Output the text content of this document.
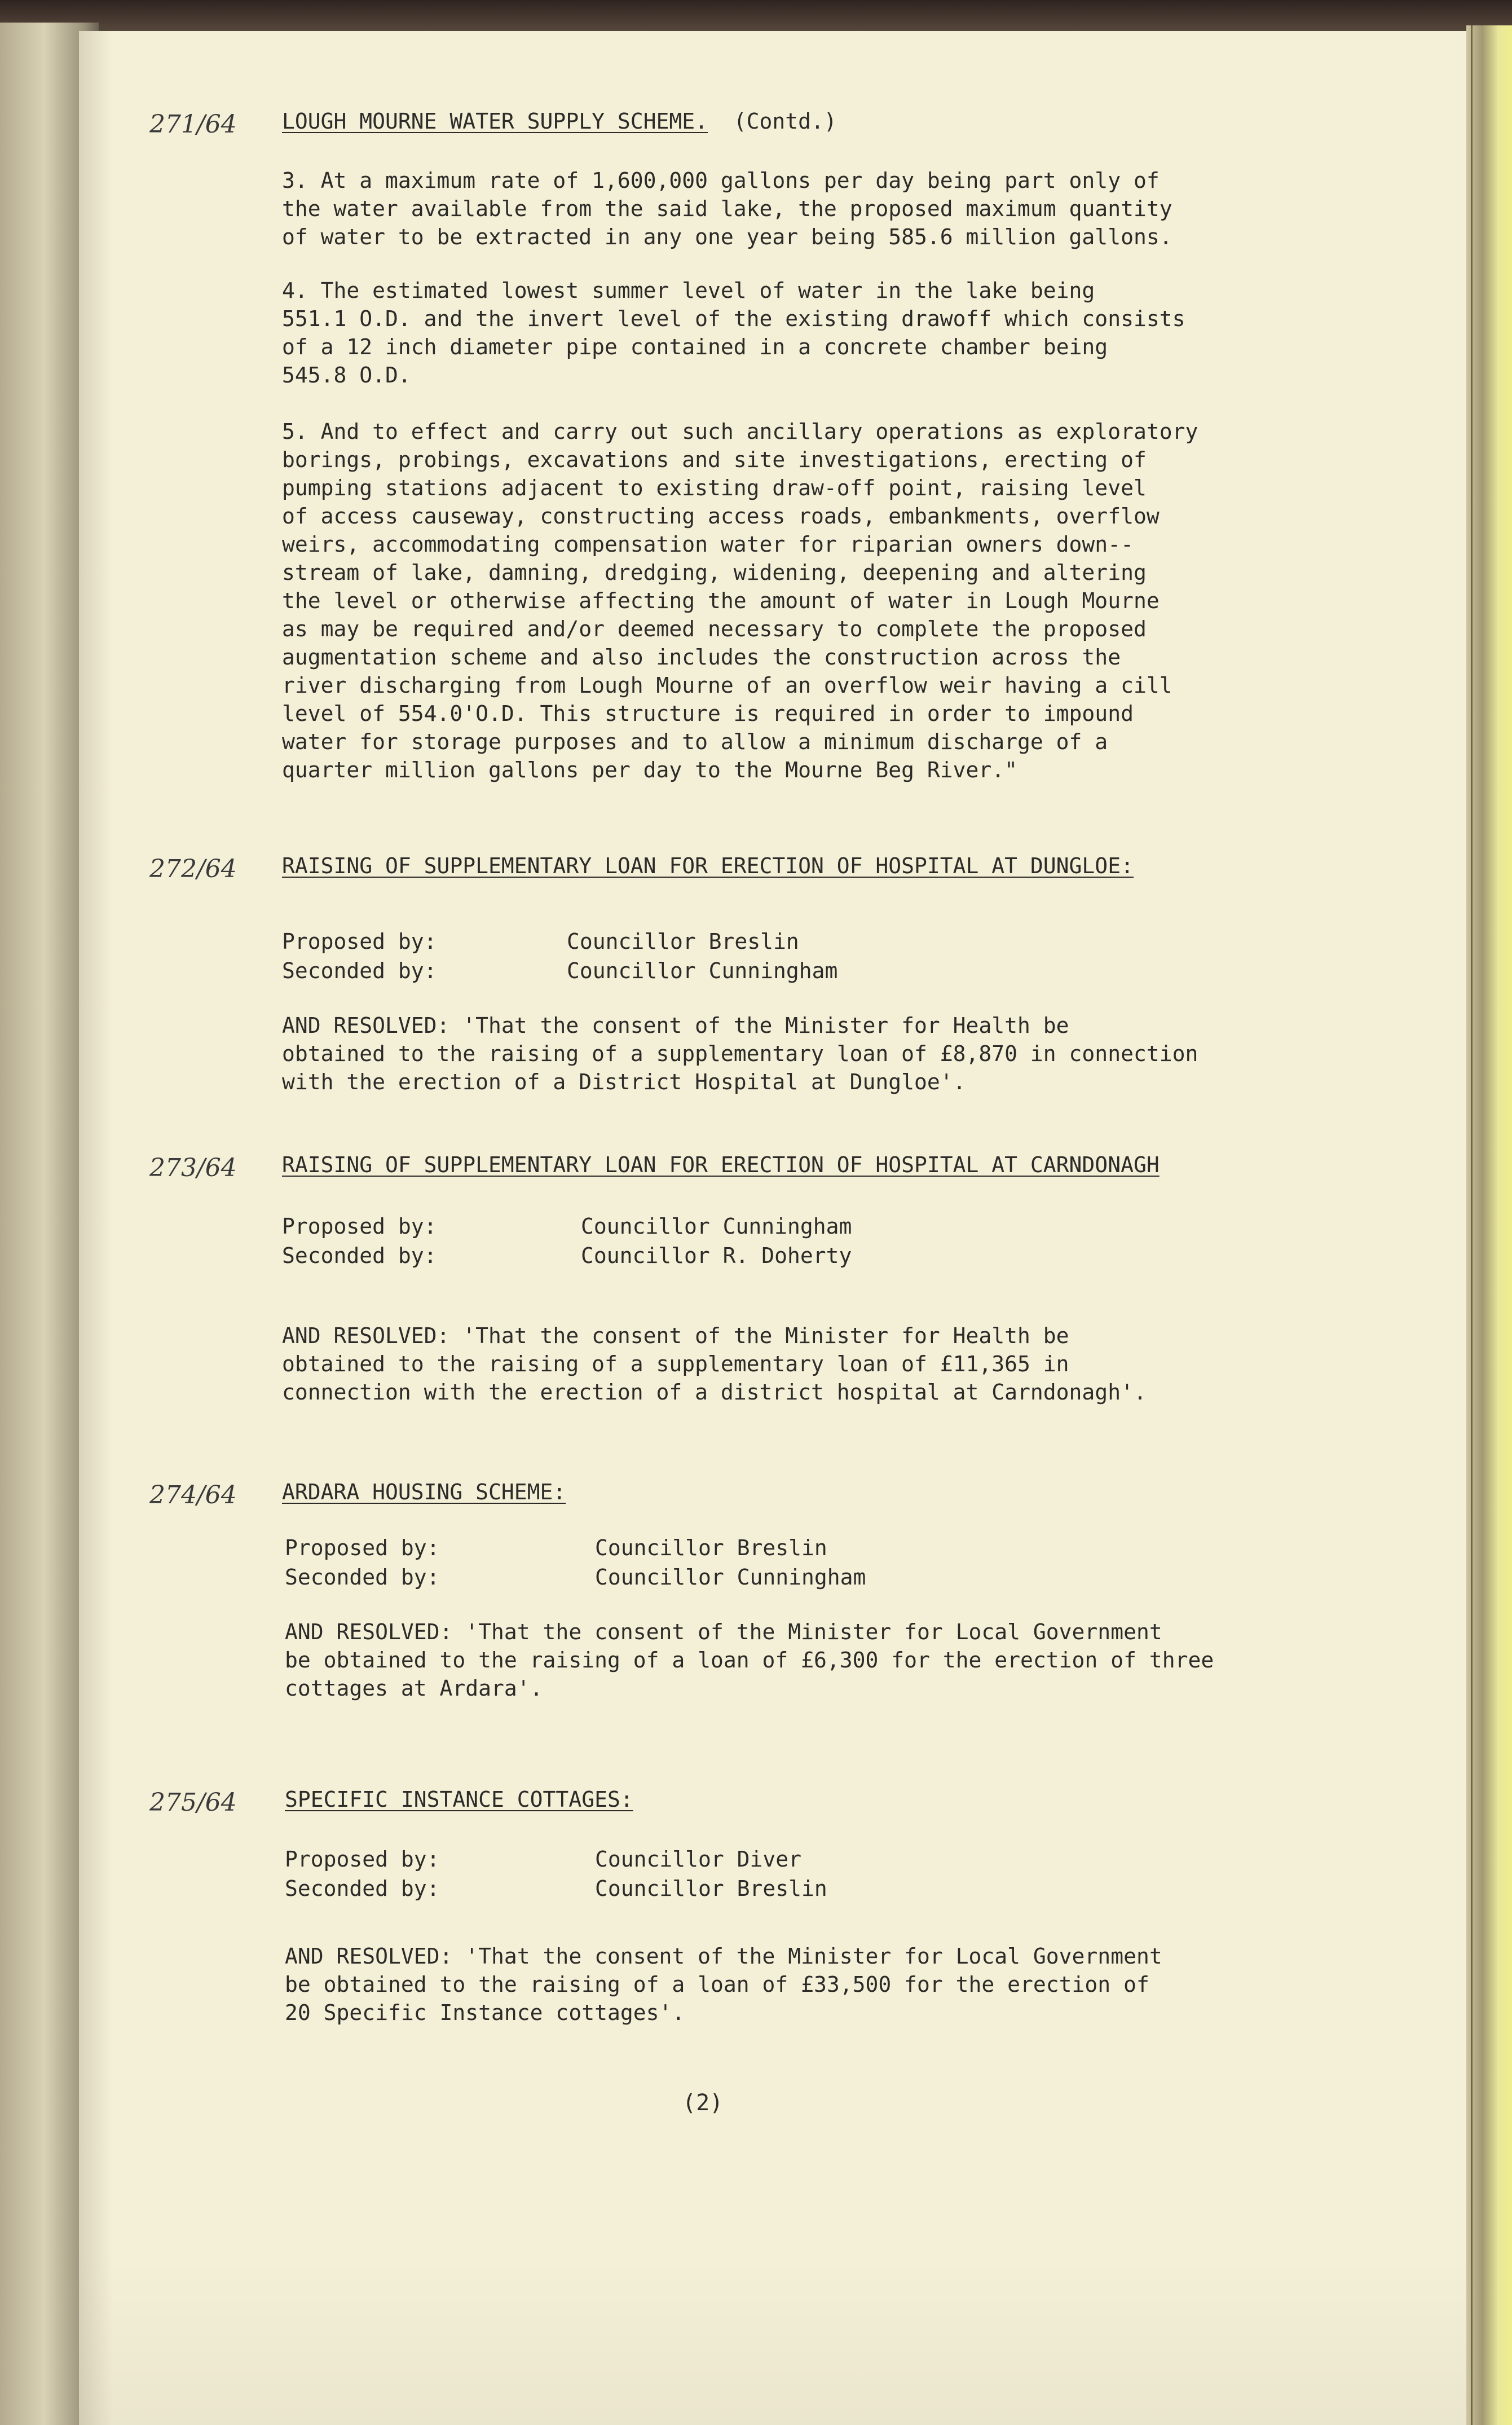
271/64 LOUGH MOURNE WATER SUPPLY SCHEME. (Contd.)
3. At a maximum rate of 1,600,000 gallons per day being part only of
the water available from the said lake, the proposed maximum quantity
of water to be extracted in any one year being 585.6 million gallons.
4. The estimated lowest summer level of water in the lake being
551.1 O.D. and the invert level of the existing drawoff which consists
of a 12 inch diameter pipe contained in a concrete chamber being
545.8 O.D.
5. And to effect and carry out such ancillary operations as exploratory
borings, probings, excavations and site investigations, erecting of
pumping stations adjacent to existing draw-off point, raising level
of access causeway, constructing access roads, embankments, overflow
weirs, accommodating compensation water for riparian owners down--
stream of lake, damning, dredging, widening, deepening and altering
the level or otherwise affecting the amount of water in Lough Mourne
as may be required and/or deemed necessary to complete the proposed
augmentation scheme and also includes the construction across the
river discharging from Lough Mourne of an overflow weir having a cill
level of 554.0'O.D. This structure is required in order to impound
water for storage purposes and to allow a minimum discharge of a
quarter million gallons per day to the Mourne Beg River."
272/64 RAISING OF SUPPLEMENTARY LOAN FOR ERECTION OF HOSPITAL AT DUNGLOE:
Proposed by:	Councillor Breslin
Seconded by:	Councillor Cunningham
AND RESOLVED: 'That the consent of the Minister for Health be
obtained to the raising of a supplementary loan of £8,870 in connection
with the erection of a District Hospital at Dungloe'.
273/64 RAISING OF SUPPLEMENTARY LOAN FOR ERECTION OF HOSPITAL AT CARNDONAGH
Proposed by:	Councillor Cunningham
Seconded by:	Councillor R. Doherty
AND RESOLVED: 'That the consent of the Minister for Health be
obtained to the raising of a supplementary loan of £11,365 in
connection with the erection of a district hospital at Carndonagh'.
274/64 ARDARA HOUSING SCHEME:
Proposed by:	Councillor Breslin
Seconded by:	Councillor Cunningham
AND RESOLVED: 'That the consent of the Minister for Local Government
be obtained to the raising of a loan of £6,300 for the erection of three
cottages at Ardara'.
275/64 SPECIFIC INSTANCE COTTAGES:
Proposed by:	Councillor Diver
Seconded by:	Councillor Breslin
AND RESOLVED: 'That the consent of the Minister for Local Government
be obtained to the raising of a loan of £33,500 for the erection of
20 Specific Instance cottages'.
(2)
